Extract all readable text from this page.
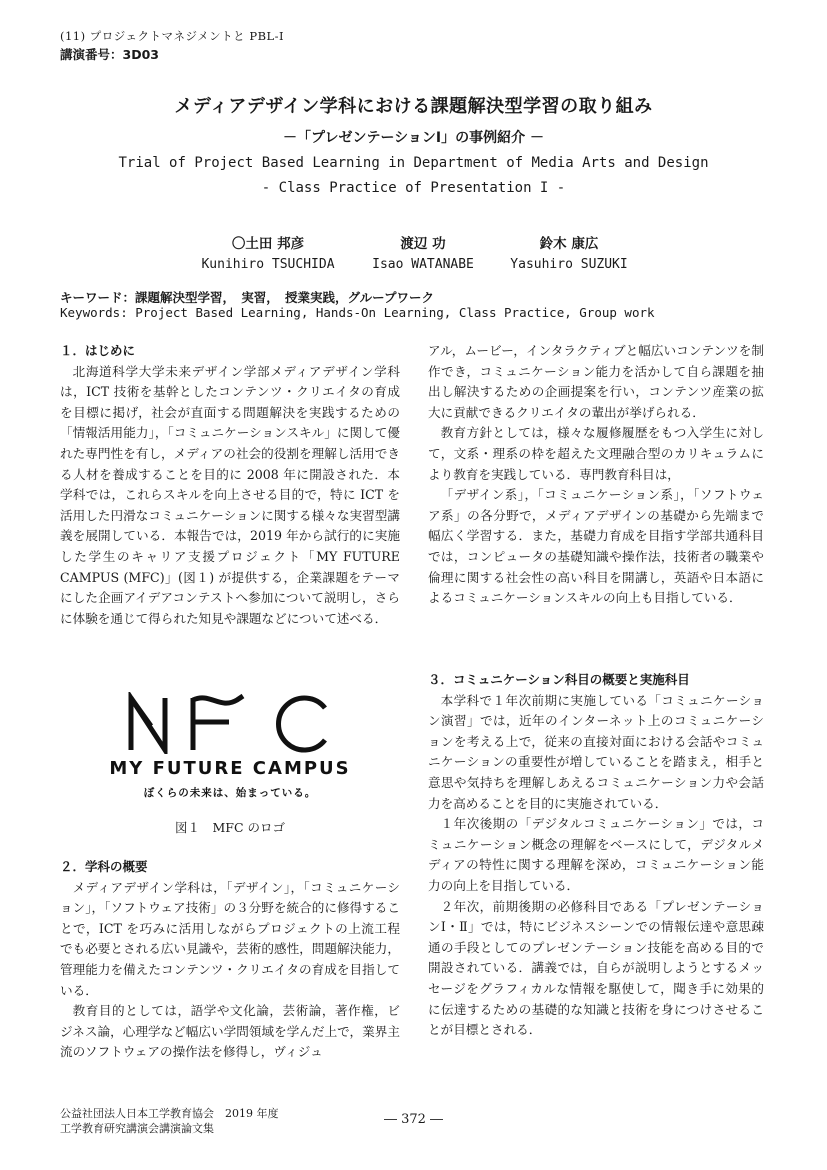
(11) プロジェクトマネジメントと PBL‐Ⅰ
講演番号：3D03
メディアデザイン学科における課題解決型学習の取り組み
－「プレゼンテーションⅠ」の事例紹介 －
Trial of Project Based Learning in Department of Media Arts and Design
- Class Practice of Presentation I -
〇土田 邦彦
Kunihiro TSUCHIDA
渡辺 功
Isao WATANABE
鈴木 康広
Yasuhiro SUZUKI
キーワード：課題解決型学習，　実習，　授業実践，グループワーク
Keywords: Project Based Learning, Hands-On Learning, Class Practice, Group work
１．はじめに

北海道科学大学未来デザイン学部メディアデザイン学科は，ICT 技術を基幹としたコンテンツ・クリエイタの育成を目標に掲げ，社会が直面する問題解決を実践するための「情報活用能力」，「コミュニケーションスキル」に関して優れた専門性を有し，メディアの社会的役割を理解し活用できる人材を養成することを目的に 2008 年に開設された．本学科では，これらスキルを向上させる目的で，特に ICT を活用した円滑なコミュニケーションに関する様々な実習型講義を展開している．本報告では，2019 年から試行的に実施した学生のキャリア支援プロジェクト「MY FUTURE CAMPUS (MFC)」(図１) が提供する，企業課題をテーマにした企画アイデアコンテストへ参加について説明し，さらに体験を通じて得られた知見や課題などについて述べる．

MY FUTURE CAMPUS
ぼくらの未来は、始まっている。
図１　MFC のロゴ
２．学科の概要

メディアデザイン学科は，「デザイン」，「コミュニケーション」，「ソフトウェア技術」の３分野を統合的に修得することで，ICT を巧みに活用しながらプロジェクトの上流工程でも必要とされる広い見識や，芸術的感性，問題解決能力，管理能力を備えたコンテンツ・クリエイタの育成を目指している．

教育目的としては，語学や文化論，芸術論，著作権，ビジネス論，心理学など幅広い学問領域を学んだ上で，業界主流のソフトウェアの操作法を修得し，ヴィジュ

アル，ムービー，インタラクティブと幅広いコンテンツを制作でき，コミュニケーション能力を活かして自ら課題を抽出し解決するための企画提案を行い，コンテンツ産業の拡大に貢献できるクリエイタの輩出が挙げられる．

教育方針としては，様々な履修履歴をもつ入学生に対して，文系・理系の枠を超えた文理融合型のカリキュラムにより教育を実践している．専門教育科目は，

「デザイン系」，「コミュニケーション系」，「ソフトウェア系」の各分野で，メディアデザインの基礎から先端まで幅広く学習する．また，基礎力育成を目指す学部共通科目では，コンピュータの基礎知識や操作法，技術者の職業や倫理に関する社会性の高い科目を開講し，英語や日本語によるコミュニケーションスキルの向上も目指している．

３．コミュニケーション科目の概要と実施科目

本学科で１年次前期に実施している「コミュニケーション演習」では，近年のインターネット上のコミュニケーションを考える上で，従来の直接対面における会話やコミュニケーションの重要性が増していることを踏まえ，相手と意思や気持ちを理解しあえるコミュニケーション力や会話力を高めることを目的に実施されている．

１年次後期の「デジタルコミュニケーション」では，コミュニケーション概念の理解をベースにして，デジタルメディアの特性に関する理解を深め，コミュニケーション能力の向上を目指している．

２年次，前期後期の必修科目である「プレゼンテーションⅠ・Ⅱ」では，特にビジネスシーンでの情報伝達や意思疎通の手段としてのプレゼンテーション技能を高める目的で開設されている．講義では，自らが説明しようとするメッセージをグラフィカルな情報を駆使して，聞き手に効果的に伝達するための基礎的な知識と技術を身につけさせることが目標とされる．

公益社団法人日本工学教育協会　2019 年度
工学教育研究講演会講演論文集
― 372 ―
